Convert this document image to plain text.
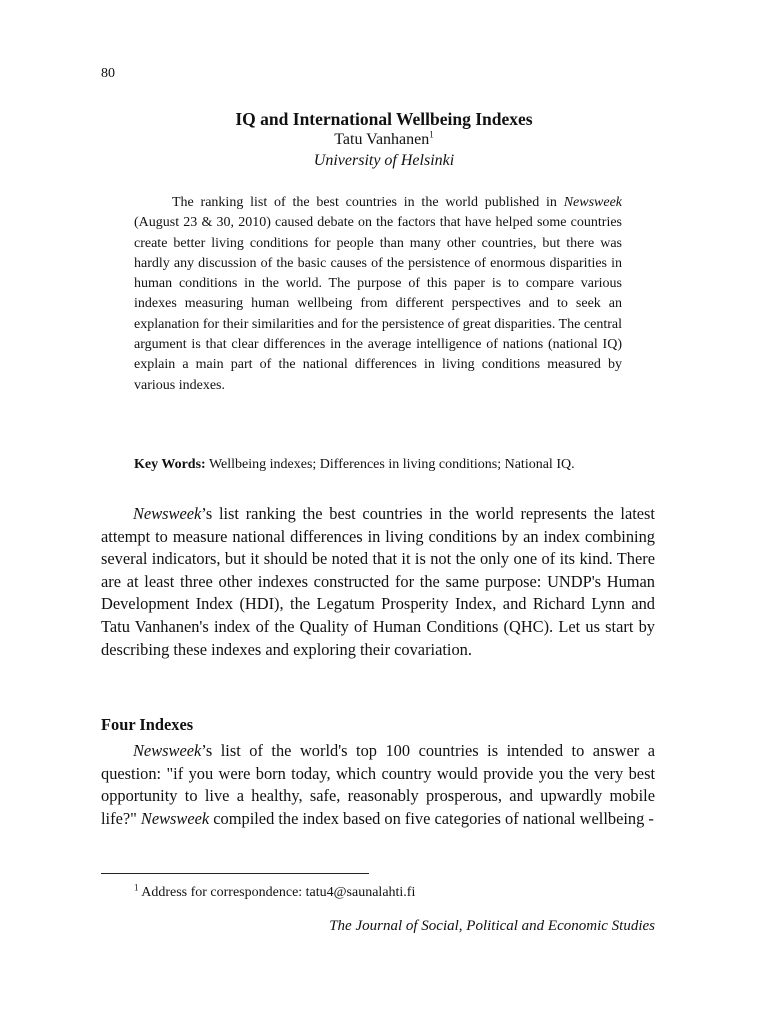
80
IQ and International Wellbeing Indexes
Tatu Vanhanen$^1$
University of Helsinki
The ranking list of the best countries in the world published in Newsweek (August 23 & 30, 2010) caused debate on the factors that have helped some countries create better living conditions for people than many other countries, but there was hardly any discussion of the basic causes of the persistence of enormous disparities in human conditions in the world. The purpose of this paper is to compare various indexes measuring human wellbeing from different perspectives and to seek an explanation for their similarities and for the persistence of great disparities. The central argument is that clear differences in the average intelligence of nations (national IQ) explain a main part of the national differences in living conditions measured by various indexes.
Key Words: Wellbeing indexes; Differences in living conditions; National IQ.
Newsweek’s list ranking the best countries in the world represents the latest attempt to measure national differences in living conditions by an index combining several indicators, but it should be noted that it is not the only one of its kind. There are at least three other indexes constructed for the same purpose: UNDP's Human Development Index (HDI), the Legatum Prosperity Index, and Richard Lynn and Tatu Vanhanen's index of the Quality of Human Conditions (QHC). Let us start by describing these indexes and exploring their covariation.
Four Indexes
Newsweek’s list of the world's top 100 countries is intended to answer a question: "if you were born today, which country would provide you the very best opportunity to live a healthy, safe, reasonably prosperous, and upwardly mobile life?" Newsweek compiled the index based on five categories of national wellbeing -
$^1$ Address for correspondence: tatu4@saunalahti.fi
The Journal of Social, Political and Economic Studies
